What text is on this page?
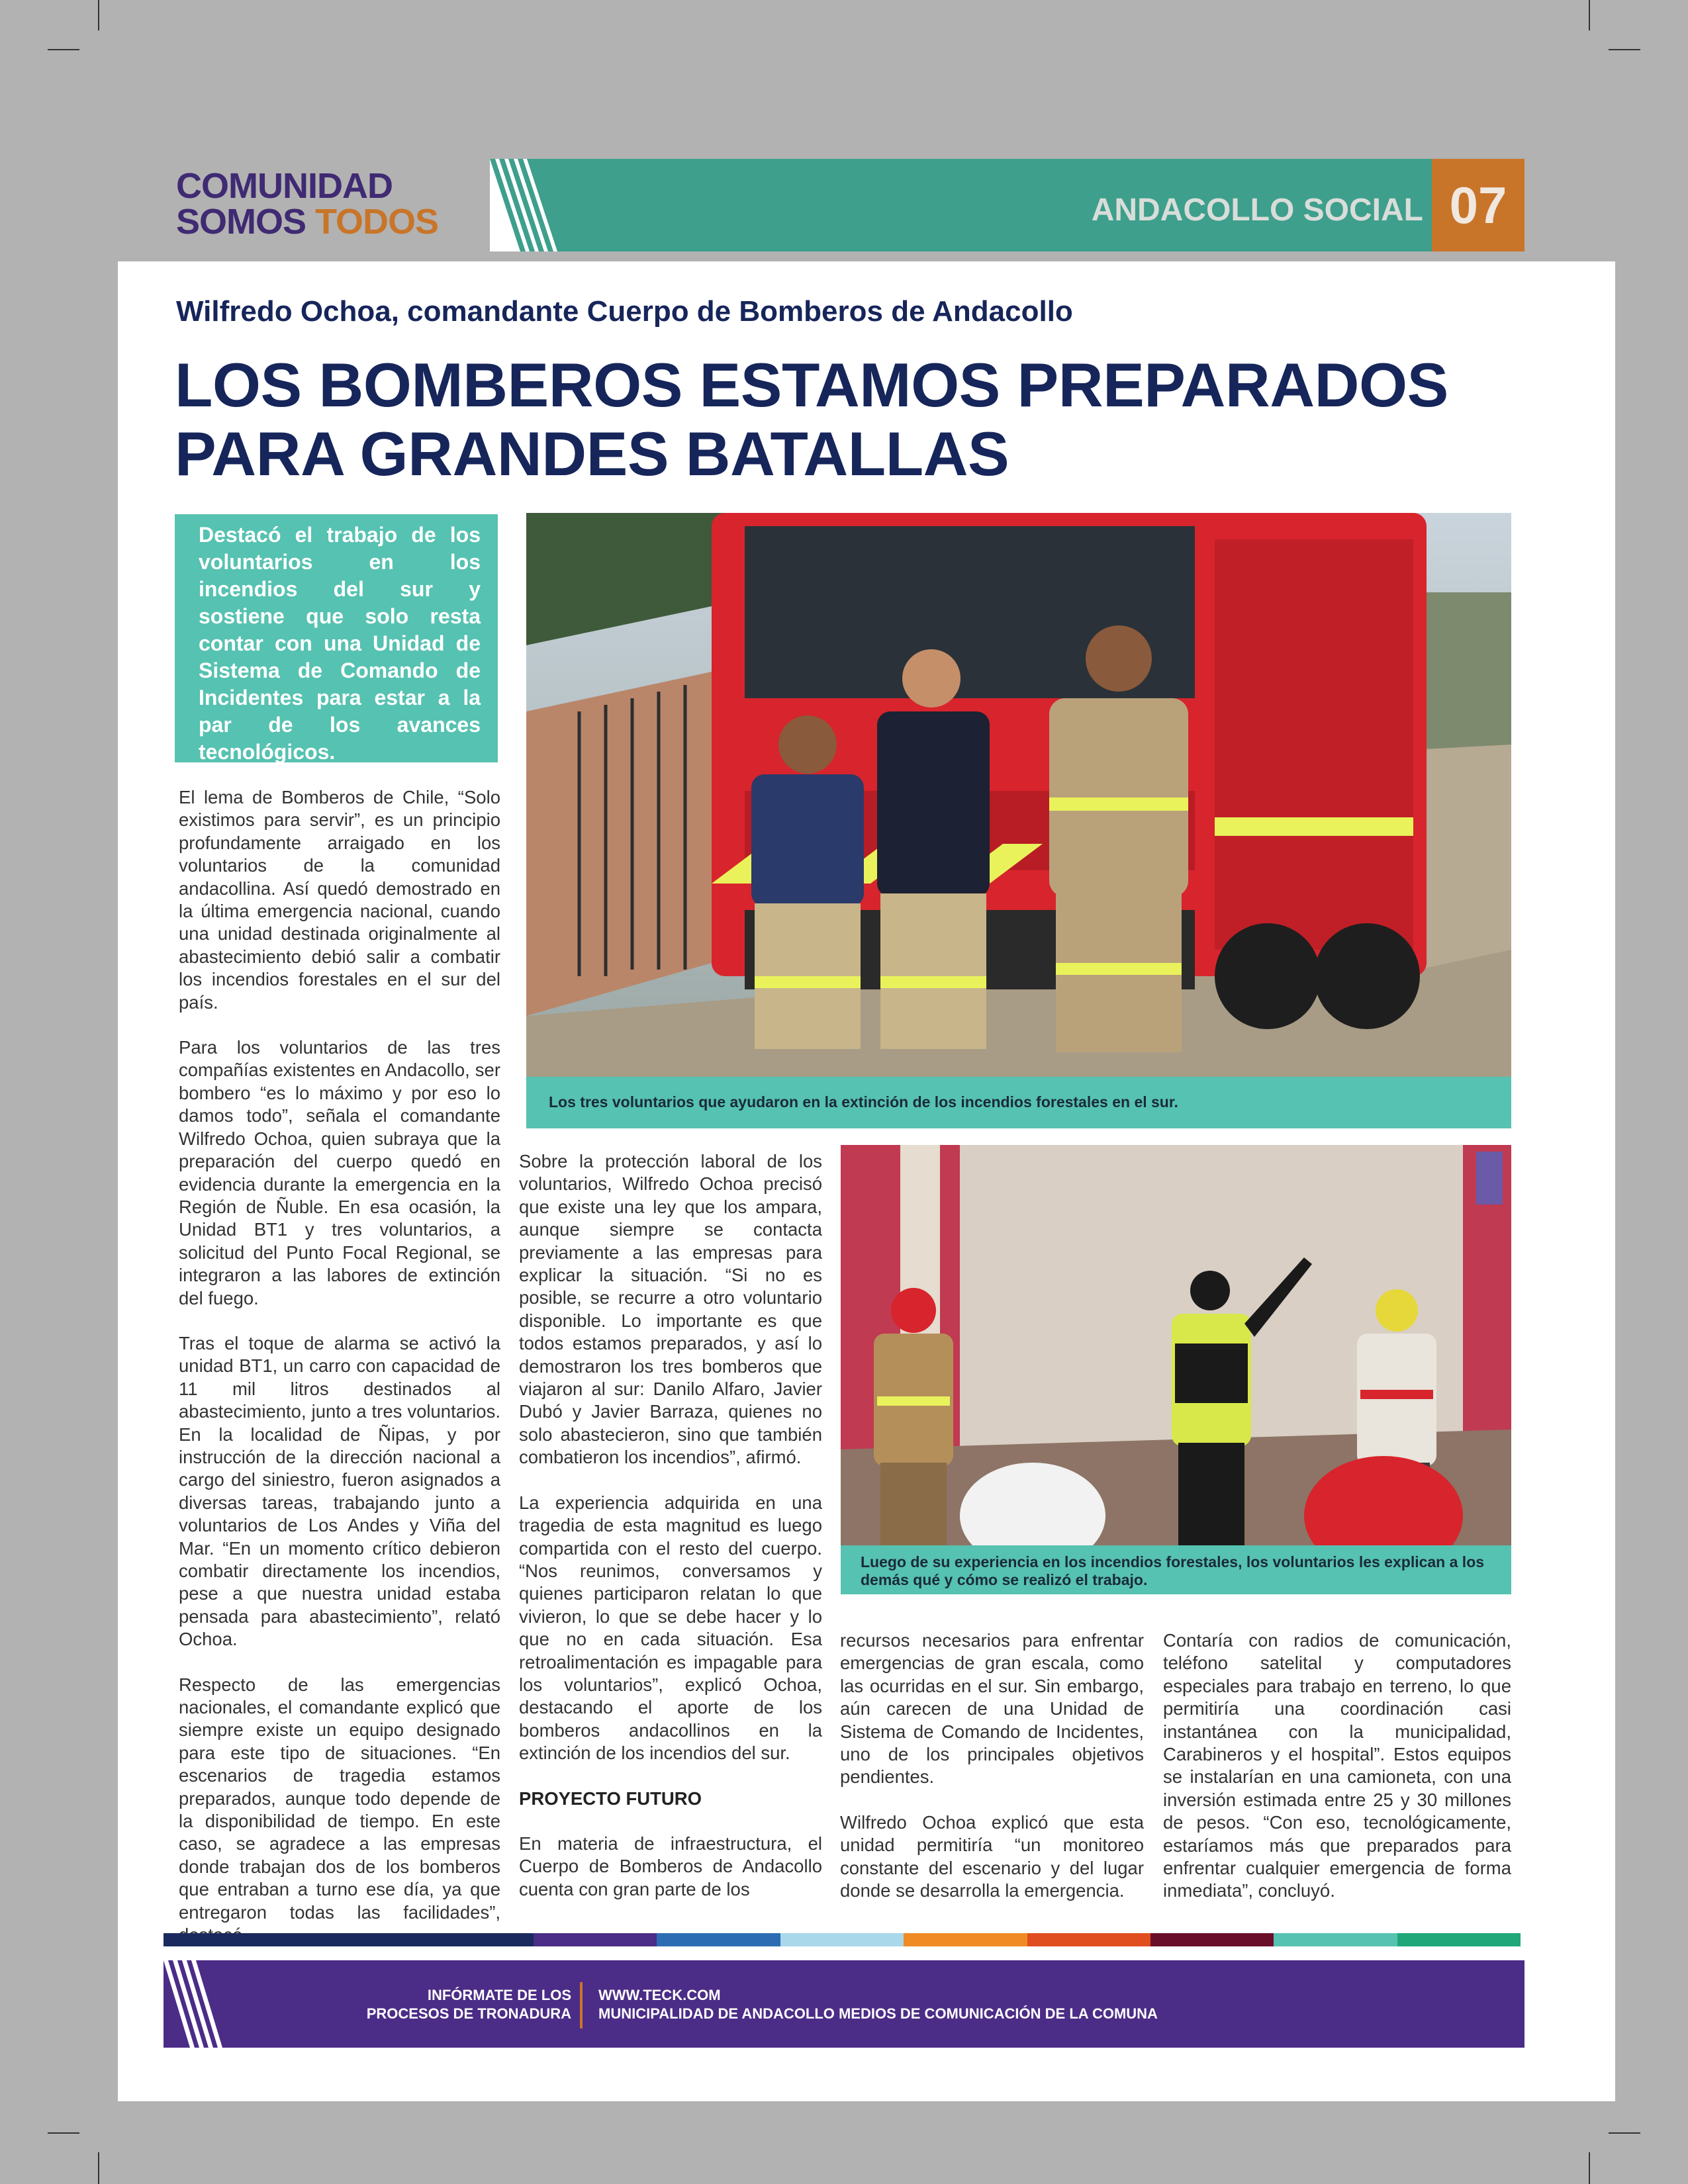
COMUNIDAD
SOMOS TODOS	ANDACOLLO SOCIAL 07
Wilfredo Ochoa, comandante Cuerpo de Bomberos de Andacollo
LOS BOMBEROS ESTAMOS PREPARADOS
PARA GRANDES BATALLAS
Destacó el trabajo de los voluntarios en los incendios del sur y sostiene que solo resta contar con una Unidad de Sistema de Comando de Incidentes para estar a la par de los avances tecnológicos.

El lema de Bomberos de Chile, “Solo existimos para servir”, es un principio profundamente arraigado en los voluntarios de la comunidad andacollina. Así quedó demostrado en la última emergencia nacional, cuando una unidad destinada originalmente al abastecimiento debió salir a combatir los incendios forestales en el sur del país.

Para los voluntarios de las tres compañías existentes en Andacollo, ser bombero “es lo máximo y por eso lo damos todo”, señala el comandante Wilfredo Ochoa, quien subraya que la preparación del cuerpo quedó en evidencia durante la emergencia en la Región de Ñuble. En esa ocasión, la Unidad BT1 y tres voluntarios, a solicitud del Punto Focal Regional, se integraron a las labores de extinción del fuego.

Tras el toque de alarma se activó la unidad BT1, un carro con capacidad de 11 mil litros destinados al abastecimiento, junto a tres voluntarios. En la localidad de Ñipas, y por instrucción de la dirección nacional a cargo del siniestro, fueron asignados a diversas tareas, trabajando junto a voluntarios de Los Andes y Viña del Mar. “En un momento crítico debieron combatir directamente los incendios, pese a que nuestra unidad estaba pensada para abastecimiento”, relató Ochoa.

Respecto de las emergencias nacionales, el comandante explicó que siempre existe un equipo designado para este tipo de situaciones. “En escenarios de tragedia estamos preparados, aunque todo depende de la disponibilidad de tiempo. En este caso, se agradece a las empresas donde trabajan dos de los bomberos que entraban a turno ese día, ya que entregaron todas las facilidades”,

Los tres voluntarios que ayudaron en la extinción de los incendios forestales en el sur.

Sobre la protección laboral de los voluntarios, Wilfredo Ochoa precisó que existe una ley que los ampara, aunque siempre se contacta previamente a las empresas para explicar la situación. “Si no es posible, se recurre a otro voluntario disponible. Lo importante es que todos estamos preparados, y así lo demostraron los tres bomberos que viajaron al sur: Danilo Alfaro, Javier Dubó y Javier Barraza, quienes no solo abastecieron, sino que también combatieron los incendios”, afirmó.

La experiencia adquirida en una tragedia de esta magnitud es luego compartida con el resto del cuerpo. “Nos reunimos, conversamos y quienes participaron relatan lo que vivieron, lo que se debe hacer y lo que no en cada situación. Esa retroalimentación es impagable para los voluntarios”, explicó Ochoa, destacando el aporte de los bomberos andacollinos en la extinción de los incendios del sur.

PROYECTO FUTURO

En materia de infraestructura, el Cuerpo de Bomberos de Andacollo cuenta con gran parte de los

Luego de su experiencia en los incendios forestales, los voluntarios les explican a los demás qué y cómo se realizó el trabajo.

recursos necesarios para enfrentar emergencias de gran escala, como las ocurridas en el sur. Sin embargo, aún carecen de una Unidad de Sistema de Comando de Incidentes, uno de los principales objetivos pendientes.

Wilfredo Ochoa explicó que esta unidad permitiría “un monitoreo constante del escenario y del lugar donde se desarrolla la emergencia.

Contaría con radios de comunicación, teléfono satelital y computadores especiales para trabajo en terreno, lo que permitiría una coordinación casi instantánea con la municipalidad, Carabineros y el hospital”. Estos equipos se instalarían en una camioneta, con una inversión estimada entre 25 y 30 millones de pesos. “Con eso, tecnológicamente, estaríamos más que preparados para enfrentar cualquier emergencia de forma inmediata”, concluyó.

INFÓRMATE DE LOS
PROCESOS DE TRONADURA
WWW.TECK.COM
MUNICIPALIDAD DE ANDACOLLO MEDIOS DE COMUNICACIÓN DE LA COMUNA
